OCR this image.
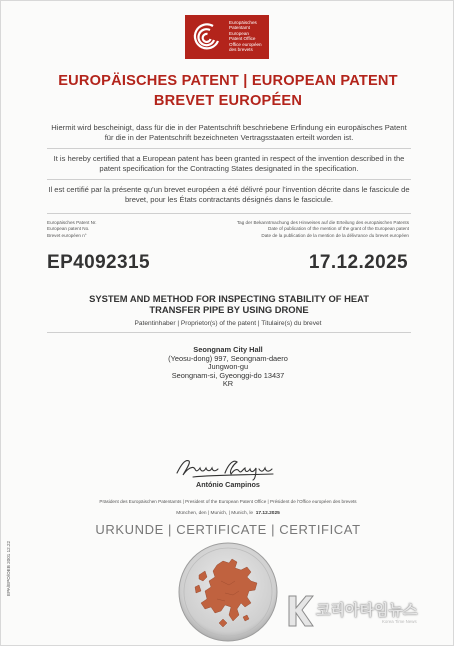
Europäisches
Patentamt
European
Patent Office
Office européen
des brevets
EUROPÄISCHES PATENT | EUROPEAN PATENT
BREVET EUROPÉEN
Hiermit wird bescheinigt, dass für die in der Patentschrift beschriebene Erfindung ein europäisches Patent für die in der Patentschrift bezeichneten Vertragsstaaten erteilt worden ist.
It is hereby certified that a European patent has been granted in respect of the invention described in the patent specification for the Contracting States designated in the specification.
Il est certifié par la présente qu'un brevet européen a été délivré pour l'invention décrite dans le fascicule de brevet, pour les États contractants désignés dans le fascicule.
Europäisches Patent Nr.
European patent No.
Brevet européen n°
Tag der Bekanntmachung des Hinweises auf die Erteilung des europäischen Patents
Date of publication of the mention of the grant of the European patent
Date de la publication de la mention de la délivrance du brevet européen
EP4092315	17.12.2025
SYSTEM AND METHOD FOR INSPECTING STABILITY OF HEAT
TRANSFER PIPE BY USING DRONE
Patentinhaber | Proprietor(s) of the patent | Titulaire(s) du brevet
Seongnam City Hall
(Yeosu-dong) 997, Seongnam-daero
Jungwon-gu
Seongnam-si, Gyeonggi-do 13437
KR
António Campinos
Präsident des Europäischen Patentamts | President of the European Patent Office | Président de l'Office européen des brevets
München, den | Munich, | Munich, le 17.12.2025
URKUNDE | CERTIFICATE | CERTIFICAT
EPA/EPO/OEB 2001 12.22
코리아타임뉴스
Korea Time News
